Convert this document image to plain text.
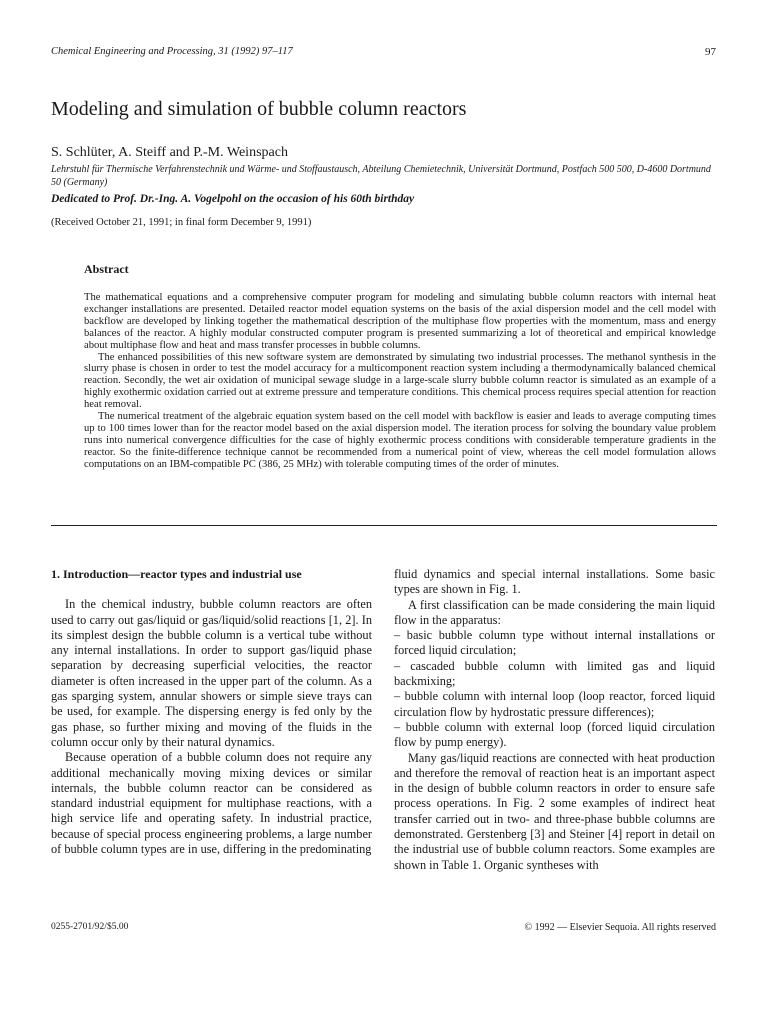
Chemical Engineering and Processing, 31 (1992) 97–117	97
Modeling and simulation of bubble column reactors
S. Schlüter, A. Steiff and P.-M. Weinspach
Lehrstuhl für Thermische Verfahrenstechnik und Wärme- und Stoffaustausch, Abteilung Chemietechnik, Universität Dortmund, Postfach 500 500, D-4600 Dortmund 50 (Germany)
Dedicated to Prof. Dr.-Ing. A. Vogelpohl on the occasion of his 60th birthday
(Received October 21, 1991; in final form December 9, 1991)
Abstract

The mathematical equations and a comprehensive computer program for modeling and simulating bubble column reactors with internal heat exchanger installations are presented. Detailed reactor model equation systems on the basis of the axial dispersion model and the cell model with backflow are developed by linking together the mathematical description of the multiphase flow properties with the momentum, mass and energy balances of the reactor. A highly modular constructed computer program is presented summarizing a lot of theoretical and empirical knowledge about multiphase flow and heat and mass transfer processes in bubble columns.

The enhanced possibilities of this new software system are demonstrated by simulating two industrial processes. The methanol synthesis in the slurry phase is chosen in order to test the model accuracy for a multicomponent reaction system including a thermodynamically balanced chemical reaction. Secondly, the wet air oxidation of municipal sewage sludge in a large-scale slurry bubble column reactor is simulated as an example of a highly exothermic oxidation carried out at extreme pressure and temperature conditions. This chemical process requires special attention for reaction heat removal.

The numerical treatment of the algebraic equation system based on the cell model with backflow is easier and leads to average computing times up to 100 times lower than for the reactor model based on the axial dispersion model. The iteration process for solving the boundary value problem runs into numerical convergence difficulties for the case of highly exothermic process conditions with considerable temperature gradients in the reactor. So the finite-difference technique cannot be recommended from a numerical point of view, whereas the cell model formulation allows computations on an IBM-compatible PC (386, 25 MHz) with tolerable computing times of the order of minutes.

1. Introduction—reactor types and industrial use

In the chemical industry, bubble column reactors are often used to carry out gas/liquid or gas/liquid/solid reactions [1, 2]. In its simplest design the bubble column is a vertical tube without any internal installations. In order to support gas/liquid phase separation by decreasing superficial velocities, the reactor diameter is often increased in the upper part of the column. As a gas sparging system, annular showers or simple sieve trays can be used, for example. The dispersing energy is fed only by the gas phase, so further mixing and moving of the fluids in the column occur only by their natural dynamics.

Because operation of a bubble column does not require any additional mechanically moving mixing devices or similar internals, the bubble column reactor can be considered as standard industrial equipment for multiphase reactions, with a high service life and operating safety. In industrial practice, because of special process engineering problems, a large number of bubble column types are in use, differing in the predominating

fluid dynamics and special internal installations. Some basic types are shown in Fig. 1.

A first classification can be made considering the main liquid flow in the apparatus:

– basic bubble column type without internal installations or forced liquid circulation;

– cascaded bubble column with limited gas and liquid backmixing;

– bubble column with internal loop (loop reactor, forced liquid circulation flow by hydrostatic pressure differences);

– bubble column with external loop (forced liquid circulation flow by pump energy).

Many gas/liquid reactions are connected with heat production and therefore the removal of reaction heat is an important aspect in the design of bubble column reactors in order to ensure safe process operations. In Fig. 2 some examples of indirect heat transfer carried out in two- and three-phase bubble columns are demonstrated. Gerstenberg [3] and Steiner [4] report in detail on the industrial use of bubble column reactors. Some examples are shown in Table 1. Organic syntheses with

0255-2701/92/$5.00	© 1992 — Elsevier Sequoia. All rights reserved
